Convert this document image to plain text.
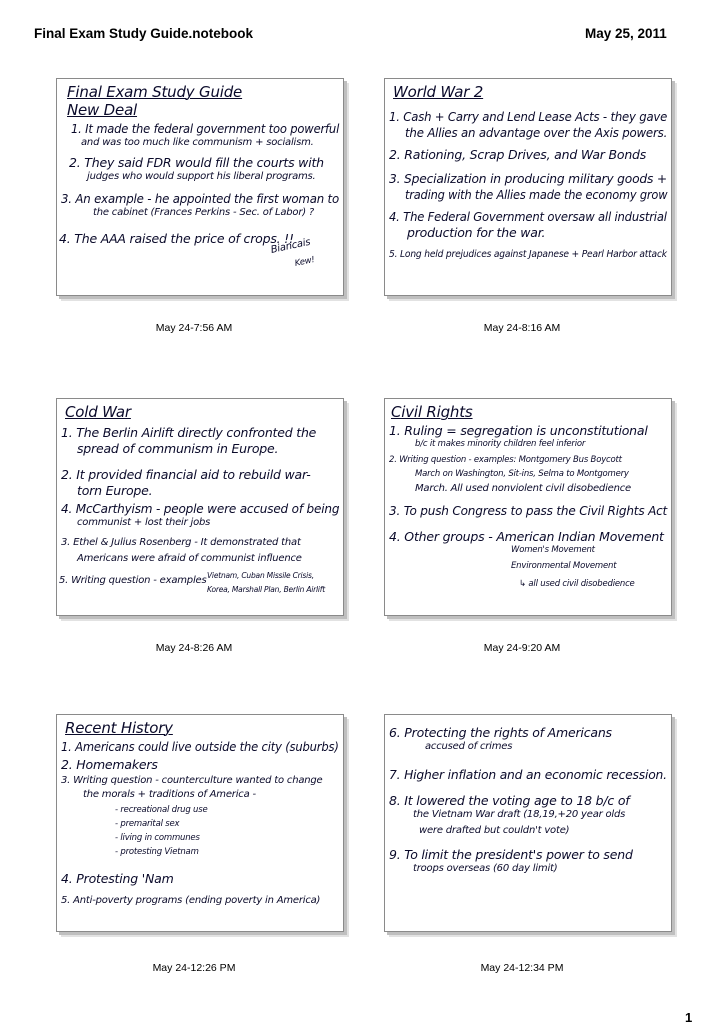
Final Exam Study Guide.notebook	May 25, 2011
Final Exam Study Guide
New Deal
1. It made the federal government too powerful
and was too much like communism + socialism.
2. They said FDR would fill the courts with
judges who would support his liberal programs.
3. An example - he appointed the first woman to
the cabinet (Frances Perkins - Sec. of Labor) ?
4. The AAA raised the price of crops. !!
Biancais
Kew!
World War 2
1. Cash + Carry and Lend Lease Acts - they gave
the Allies an advantage over the Axis powers.
2. Rationing, Scrap Drives, and War Bonds
3. Specialization in producing military goods +
trading with the Allies made the economy grow
4. The Federal Government oversaw all industrial
production for the war.
5. Long held prejudices against Japanese + Pearl Harbor attack
Cold War
1. The Berlin Airlift directly confronted the
spread of communism in Europe.
2. It provided financial aid to rebuild war-
torn Europe.
4. McCarthyism - people were accused of being
communist + lost their jobs
3. Ethel & Julius Rosenberg - It demonstrated that
Americans were afraid of communist influence
5. Writing question - examples Vietnam, Cuban Missile Crisis,
Korea, Marshall Plan, Berlin Airlift
Civil Rights
1. Ruling = segregation is unconstitutional
b/c it makes minority children feel inferior
2. Writing question - examples: Montgomery Bus Boycott
March on Washington, Sit-ins, Selma to Montgomery
March. All used nonviolent civil disobedience
3. To push Congress to pass the Civil Rights Act
4. Other groups - American Indian Movement
Women's Movement
Environmental Movement
↳ all used civil disobedience
Recent History
1. Americans could live outside the city (suburbs)
2. Homemakers
3. Writing question - counterculture wanted to change
the morals + traditions of America -
- recreational drug use
- premarital sex
- living in communes
- protesting Vietnam
4. Protesting 'Nam
5. Anti-poverty programs (ending poverty in America)
6. Protecting the rights of Americans
accused of crimes
7. Higher inflation and an economic recession.
8. It lowered the voting age to 18 b/c of
the Vietnam War draft (18,19,+20 year olds
were drafted but couldn't vote)
9. To limit the president's power to send
troops overseas (60 day limit)
May 24-7:56 AM	May 24-8:16 AM
May 24-8:26 AM	May 24-9:20 AM
May 24-12:26 PM	May 24-12:34 PM
1
